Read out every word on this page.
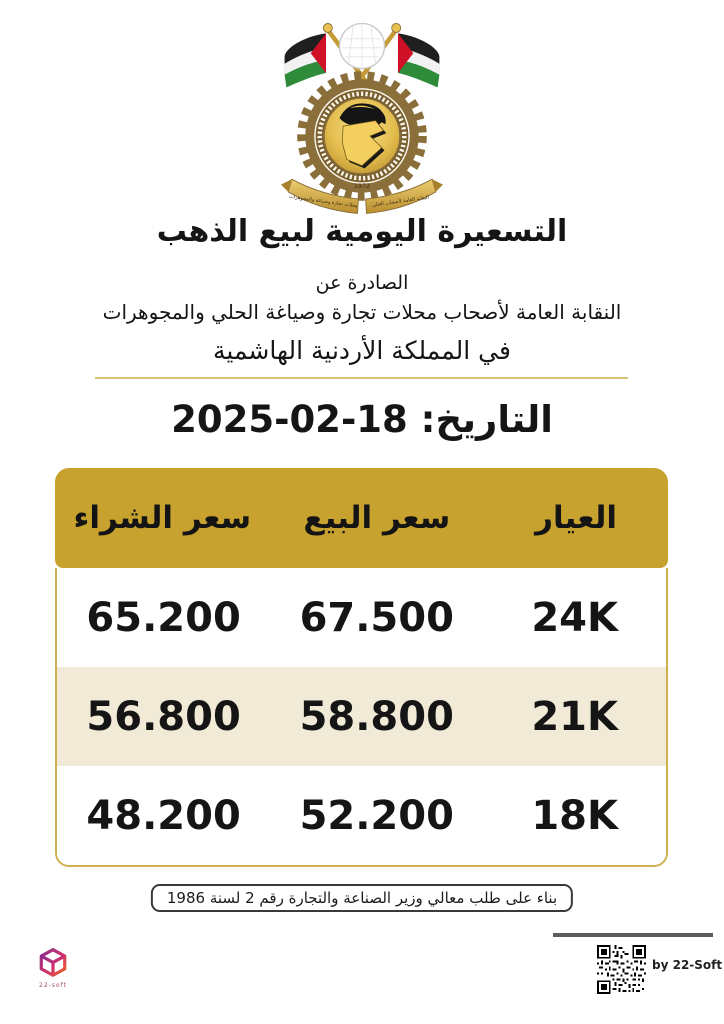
1972
محلات تجارة وصياغة والمجوهرات النقابة العامة لأصحاب الحلي
التسعيرة اليومية لبيع الذهب
الصادرة عن
النقابة العامة لأصحاب محلات تجارة وصياغة الحلي والمجوهرات
في المملكة الأردنية الهاشمية
التاريخ: 18-02-2025
العيار
سعر البيع
سعر الشراء
24K
67.500
65.200
21K
58.800
56.800
18K
52.200
48.200
بناء على طلب معالي وزير الصناعة والتجارة رقم 2 لسنة 1986
by 22-Soft
22-soft
